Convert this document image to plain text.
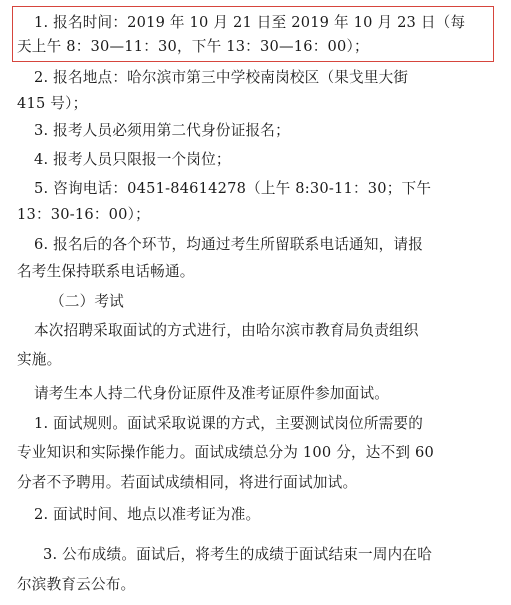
1. 报名时间：2019 年 10 月 21 日至 2019 年 10 月 23 日（每
天上午 8：30—11：30，下午 13：30—16：00）；
2. 报名地点：哈尔滨市第三中学校南岗校区（果戈里大街
415 号）；
3. 报考人员必须用第二代身份证报名；
4. 报考人员只限报一个岗位；
5. 咨询电话：0451-84614278（上午 8:30-11：30；下午
13：30-16：00）；
6. 报名后的各个环节，均通过考生所留联系电话通知，请报
名考生保持联系电话畅通。
（二）考试
本次招聘采取面试的方式进行，由哈尔滨市教育局负责组织
实施。
请考生本人持二代身份证原件及准考证原件参加面试。
1. 面试规则。面试采取说课的方式，主要测试岗位所需要的
专业知识和实际操作能力。面试成绩总分为 100 分，达不到 60
分者不予聘用。若面试成绩相同，将进行面试加试。
2. 面试时间、地点以准考证为准。
3. 公布成绩。面试后，将考生的成绩于面试结束一周内在哈
尔滨教育云公布。
